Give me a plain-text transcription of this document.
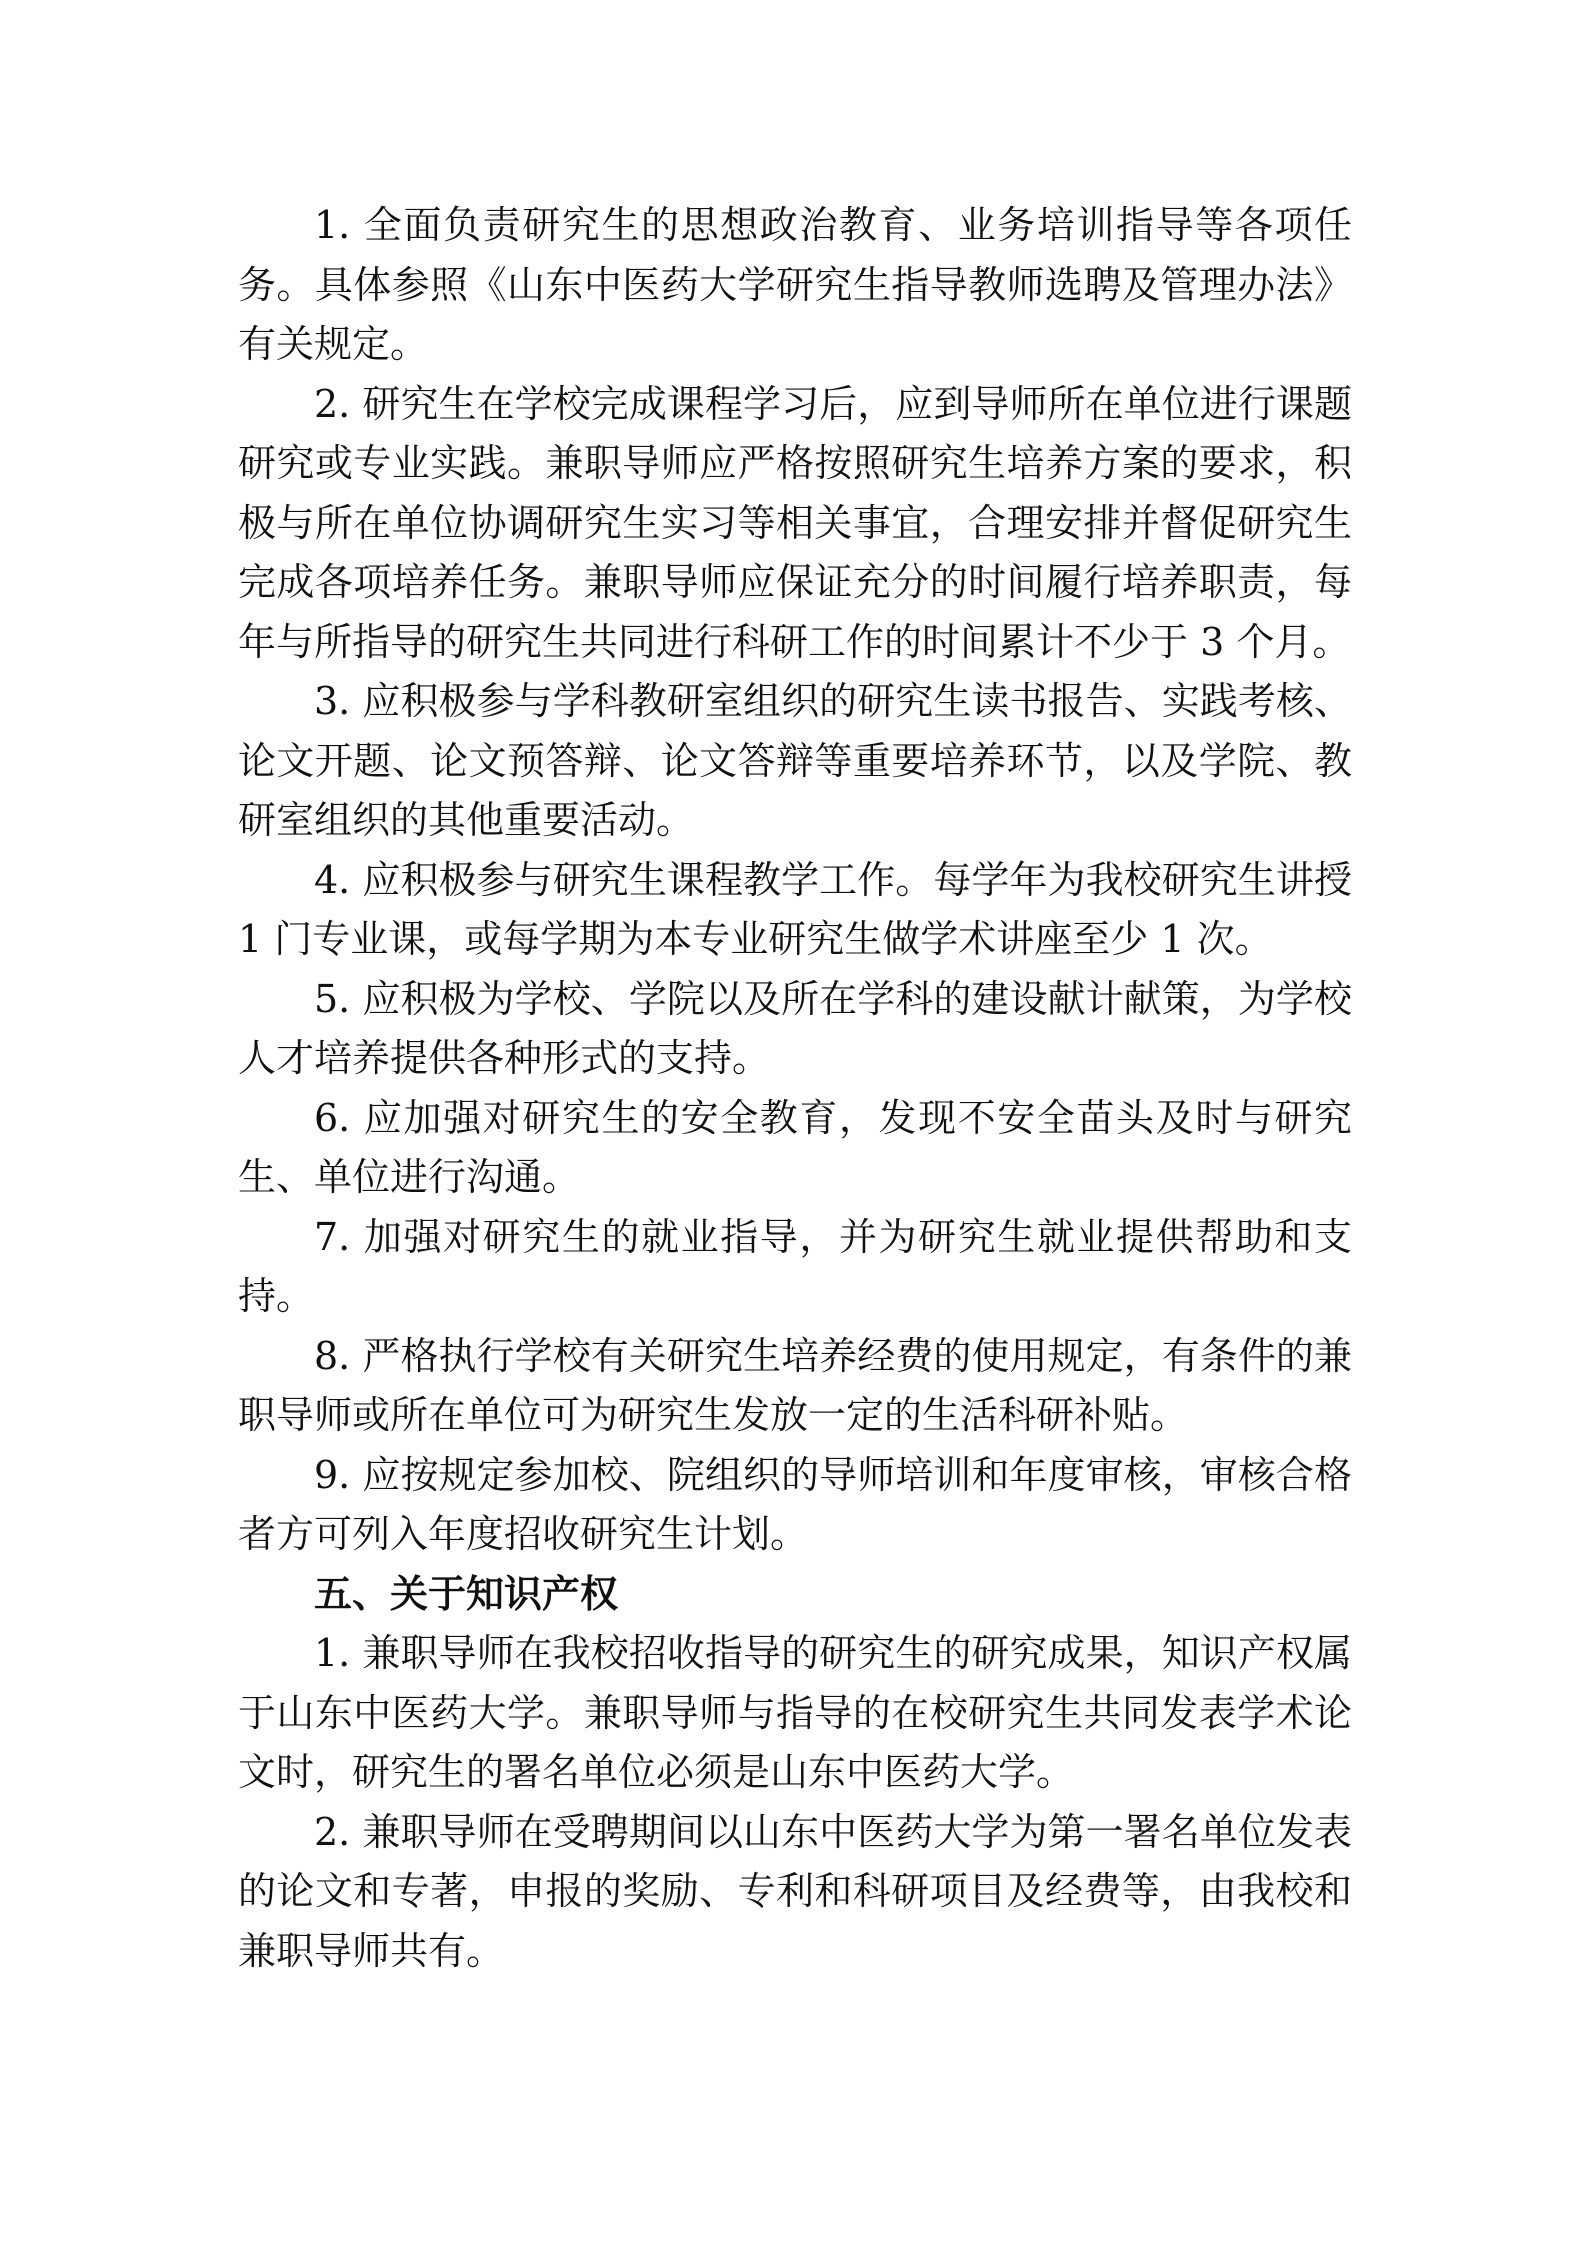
1. 全面负责研究生的思想政治教育、业务培训指导等各项任务。具体参照《山东中医药大学研究生指导教师选聘及管理办法》有关规定。

2. 研究生在学校完成课程学习后，应到导师所在单位进行课题研究或专业实践。兼职导师应严格按照研究生培养方案的要求，积极与所在单位协调研究生实习等相关事宜，合理安排并督促研究生完成各项培养任务。兼职导师应保证充分的时间履行培养职责，每年与所指导的研究生共同进行科研工作的时间累计不少于 3 个月。

3. 应积极参与学科教研室组织的研究生读书报告、实践考核、论文开题、论文预答辩、论文答辩等重要培养环节，以及学院、教研室组织的其他重要活动。

4. 应积极参与研究生课程教学工作。每学年为我校研究生讲授 1 门专业课，或每学期为本专业研究生做学术讲座至少 1 次。

5. 应积极为学校、学院以及所在学科的建设献计献策，为学校人才培养提供各种形式的支持。

6. 应加强对研究生的安全教育，发现不安全苗头及时与研究生、单位进行沟通。

7. 加强对研究生的就业指导，并为研究生就业提供帮助和支持。

8. 严格执行学校有关研究生培养经费的使用规定，有条件的兼职导师或所在单位可为研究生发放一定的生活科研补贴。

9. 应按规定参加校、院组织的导师培训和年度审核，审核合格者方可列入年度招收研究生计划。

五、关于知识产权

1. 兼职导师在我校招收指导的研究生的研究成果，知识产权属于山东中医药大学。兼职导师与指导的在校研究生共同发表学术论文时，研究生的署名单位必须是山东中医药大学。

2. 兼职导师在受聘期间以山东中医药大学为第一署名单位发表的论文和专著，申报的奖励、专利和科研项目及经费等，由我校和兼职导师共有。
